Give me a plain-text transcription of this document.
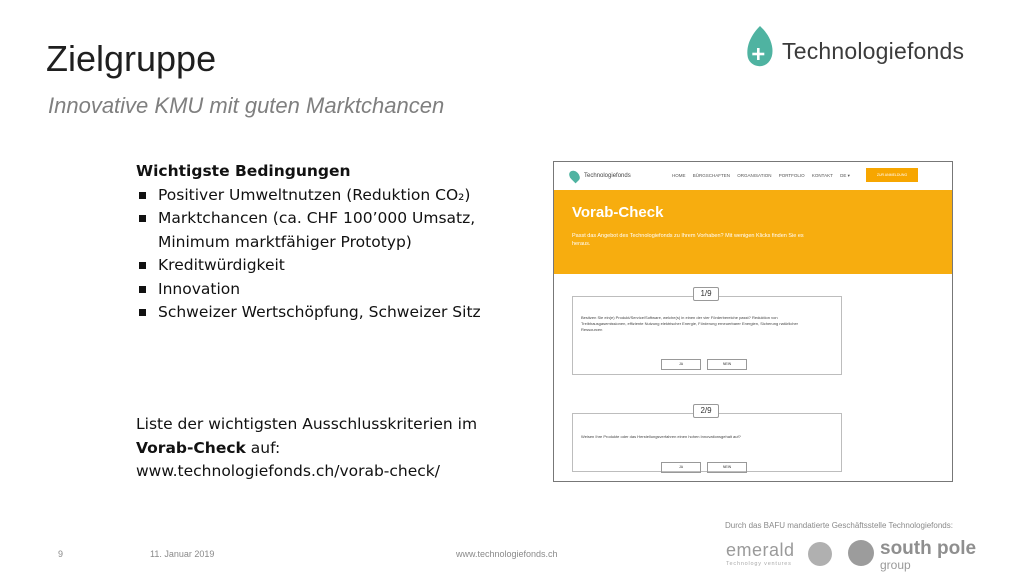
Zielgruppe
Innovative KMU mit guten Marktchancen
Technologiefonds
Wichtigste Bedingungen
Positiver Umweltnutzen (Reduktion CO₂)
Marktchancen (ca. CHF 100’000 Umsatz, Minimum marktfähiger Prototyp)
Kreditwürdigkeit
Innovation
Schweizer Wertschöpfung, Schweizer Sitz
Liste der wichtigsten Ausschlusskriterien im Vorab-Check auf:
www.technologiefonds.ch/vorab-check/
Technologiefonds	HOME BÜRGSCHAFTEN ORGANISATION PORTFOLIO KONTAKT DE ▾	ZUR ANMELDUNG
Vorab-Check
Passt das Angebot des Technologiefonds zu Ihrem Vorhaben? Mit wenigen Klicks finden Sie es heraus.
1/9
Besitzen Sie ein(e) Produkt/Service/Software, welche(s) in einen der vier Förderbereiche passt? Reduktion von Treibhausgasemissionen, effiziente Nutzung elektrischer Energie, Förderung erneuerbarer Energien, Sicherung natürlicher Ressourcen
JA	NEIN
2/9
Weisen Ihre Produkte oder das Herstellungsverfahren einen hohen Innovationsgehalt auf?
JA	NEIN
Durch das BAFU mandatierte Geschäftsstelle Technologiefonds:
9	11. Januar 2019	www.technologiefonds.ch	emerald
Technology ventures
south pole
group
